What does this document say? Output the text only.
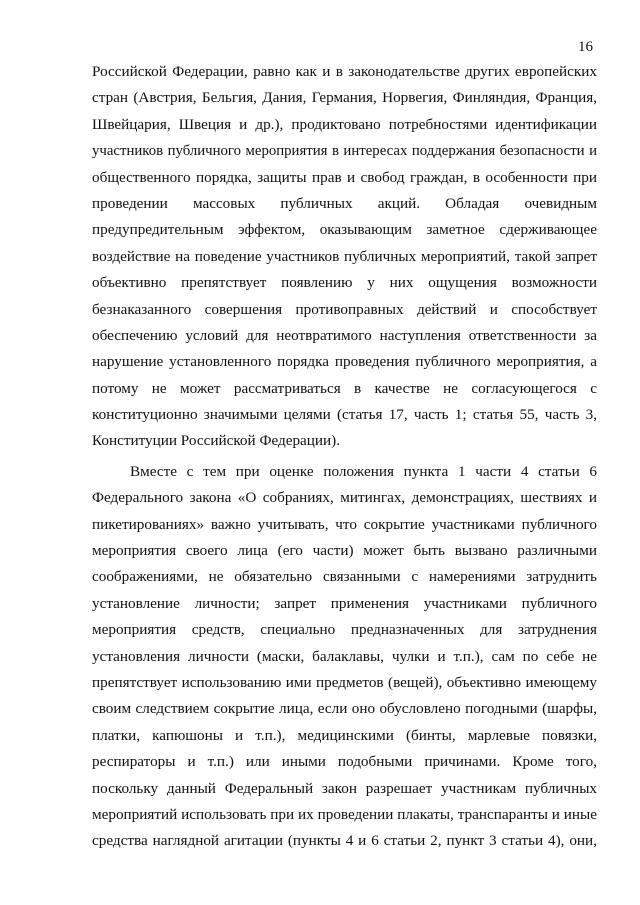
16
Российской Федерации, равно как и в законодательстве других европейских
стран (Австрия, Бельгия, Дания, Германия, Норвегия, Финляндия, Франция,
Швейцария, Швеция и др.), продиктовано потребностями идентификации
участников публичного мероприятия в интересах поддержания безопасности и
общественного порядка, защиты прав и свобод граждан, в особенности при
проведении массовых публичных акций. Обладая очевидным
предупредительным эффектом, оказывающим заметное сдерживающее
воздействие на поведение участников публичных мероприятий, такой запрет
объективно препятствует появлению у них ощущения возможности
безнаказанного совершения противоправных действий и способствует
обеспечению условий для неотвратимого наступления ответственности за
нарушение установленного порядка проведения публичного мероприятия, а
потому не может рассматриваться в качестве не согласующегося с
конституционно значимыми целями (статья 17, часть 1; статья 55, часть 3,
Конституции Российской Федерации).
Вместе с тем при оценке положения пункта 1 части 4 статьи 6
Федерального закона «О собраниях, митингах, демонстрациях, шествиях и
пикетированиях» важно учитывать, что сокрытие участниками публичного
мероприятия своего лица (его части) может быть вызвано различными
соображениями, не обязательно связанными с намерениями затруднить
установление личности; запрет применения участниками публичного
мероприятия средств, специально предназначенных для затруднения
установления личности (маски, балаклавы, чулки и т.п.), сам по себе не
препятствует использованию ими предметов (вещей), объективно имеющему
своим следствием сокрытие лица, если оно обусловлено погодными (шарфы,
платки, капюшоны и т.п.), медицинскими (бинты, марлевые повязки,
респираторы и т.п.) или иными подобными причинами. Кроме того,
поскольку данный Федеральный закон разрешает участникам публичных
мероприятий использовать при их проведении плакаты, транспаранты и иные
средства наглядной агитации (пункты 4 и 6 статьи 2, пункт 3 статьи 4), они,
